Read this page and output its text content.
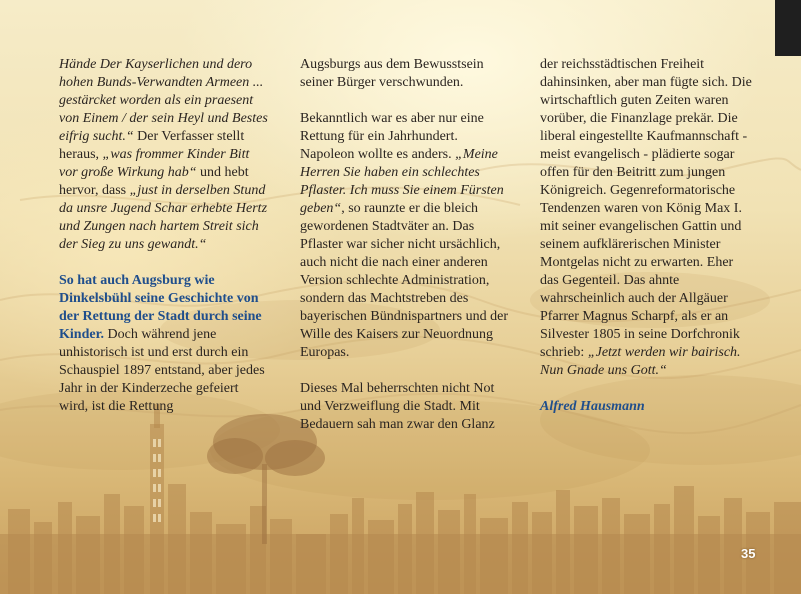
Hände Der Kayserlichen und dero hohen Bunds-Verwandten Armeen ... gestärcket worden als ein praesent von Einem / der sein Heyl und Bestes eifrig sucht.“ Der Verfasser stellt heraus, „was frommer Kinder Bitt vor große Wirkung hab“ und hebt hervor, dass „just in derselben Stund da unsre Jugend Schar erhebte Hertz und Zungen nach hartem Streit sich der Sieg zu uns gewandt.“

So hat auch Augsburg wie Dinkelsbühl seine Geschichte von der Rettung der Stadt durch seine Kinder. Doch während jene unhistorisch ist und erst durch ein Schauspiel 1897 entstand, aber jedes Jahr in der Kinderzeche gefeiert wird, ist die Rettung

Augsburgs aus dem Bewusstsein seiner Bürger verschwunden.

Bekanntlich war es aber nur eine Rettung für ein Jahrhundert. Napoleon wollte es anders. „Meine Herren Sie haben ein schlechtes Pflaster. Ich muss Sie einem Fürsten geben“, so raunzte er die bleich gewordenen Stadtväter an. Das Pflaster war sicher nicht ursächlich, auch nicht die nach einer anderen Version schlechte Administration, sondern das Machtstreben des bayerischen Bündnispartners und der Wille des Kaisers zur Neuordnung Europas.

Dieses Mal beherrschten nicht Not und Verzweiflung die Stadt. Mit Bedauern sah man zwar den Glanz

der reichsstädtischen Freiheit dahinsinken, aber man fügte sich. Die wirtschaftlich guten Zeiten waren vorüber, die Finanzlage prekär. Die liberal eingestellte Kaufmannschaft - meist evangelisch - plädierte sogar offen für den Beitritt zum jungen Königreich. Gegenreformatorische Tendenzen waren von König Max I. mit seiner evangelischen Gattin und seinem aufklärerischen Minister Montgelas nicht zu erwarten. Eher das Gegenteil. Das ahnte wahrscheinlich auch der Allgäuer Pfarrer Magnus Scharpf, als er an Silvester 1805 in seine Dorfchronik schrieb: „Jetzt werden wir bairisch. Nun Gnade uns Gott.“

Alfred Hausmann

35
